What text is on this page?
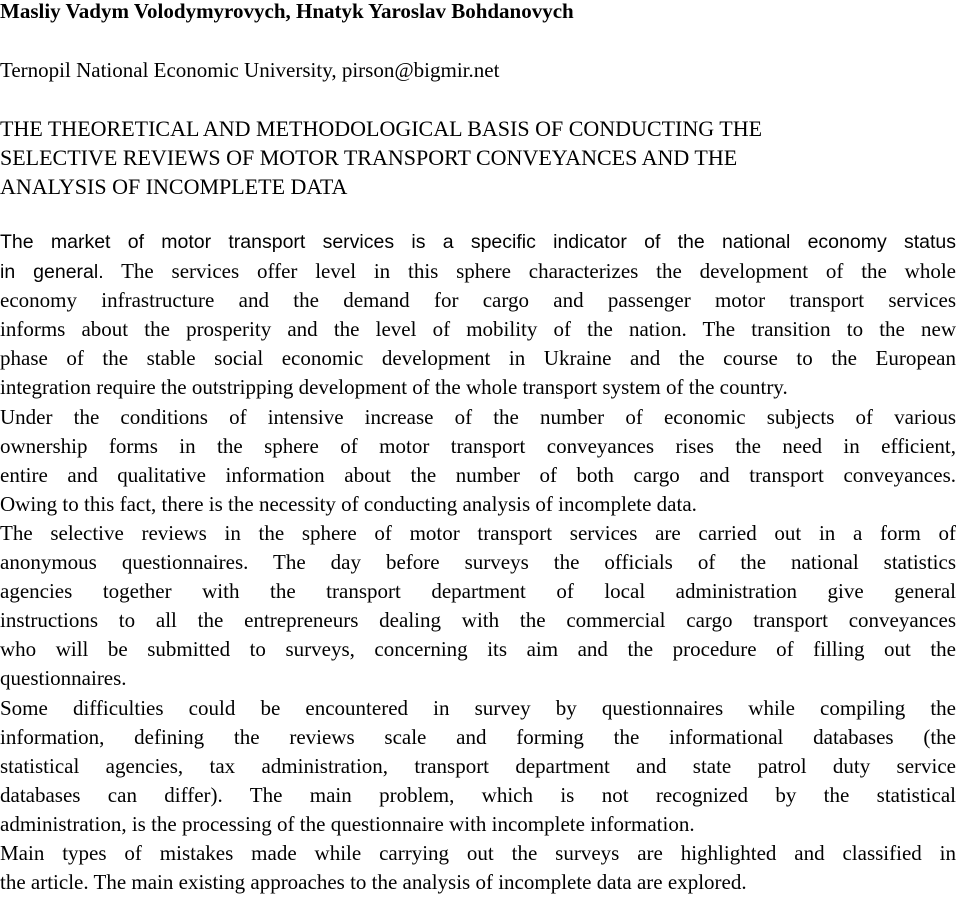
Masliy Vadym Volodymyrovych, Hnatyk Yaroslav Bohdanovych
Ternopil National Economic University, pirson@bigmir.net
THE THEORETICAL AND METHODOLOGICAL BASIS OF CONDUCTING THE
SELECTIVE REVIEWS OF MOTOR TRANSPORT CONVEYANCES AND THE
ANALYSIS OF INCOMPLETE DATA
The market of motor transport services is a specific indicator of the national economy status
in general. The services offer level in this sphere characterizes the development of the whole
economy infrastructure and the demand for cargo and passenger motor transport services
informs about the prosperity and the level of mobility of the nation. The transition to the new
phase of the stable social economic development in Ukraine and the course to the European
integration require the outstripping development of the whole transport system of the country.
Under the conditions of intensive increase of the number of economic subjects of various
ownership forms in the sphere of motor transport conveyances rises the need in efficient,
entire and qualitative information about the number of both cargo and transport conveyances.
Owing to this fact, there is the necessity of conducting analysis of incomplete data.
The selective reviews in the sphere of motor transport services are carried out in a form of
anonymous questionnaires. The day before surveys the officials of the national statistics
agencies together with the transport department of local administration give general
instructions to all the entrepreneurs dealing with the commercial cargo transport conveyances
who will be submitted to surveys, concerning its aim and the procedure of filling out the
questionnaires.
Some difficulties could be encountered in survey by questionnaires while compiling the
information, defining the reviews scale and forming the informational databases (the
statistical agencies, tax administration, transport department and state patrol duty service
databases can differ). The main problem, which is not recognized by the statistical
administration, is the processing of the questionnaire with incomplete information.
Main types of mistakes made while carrying out the surveys are highlighted and classified in
the article. The main existing approaches to the analysis of incomplete data are explored.
